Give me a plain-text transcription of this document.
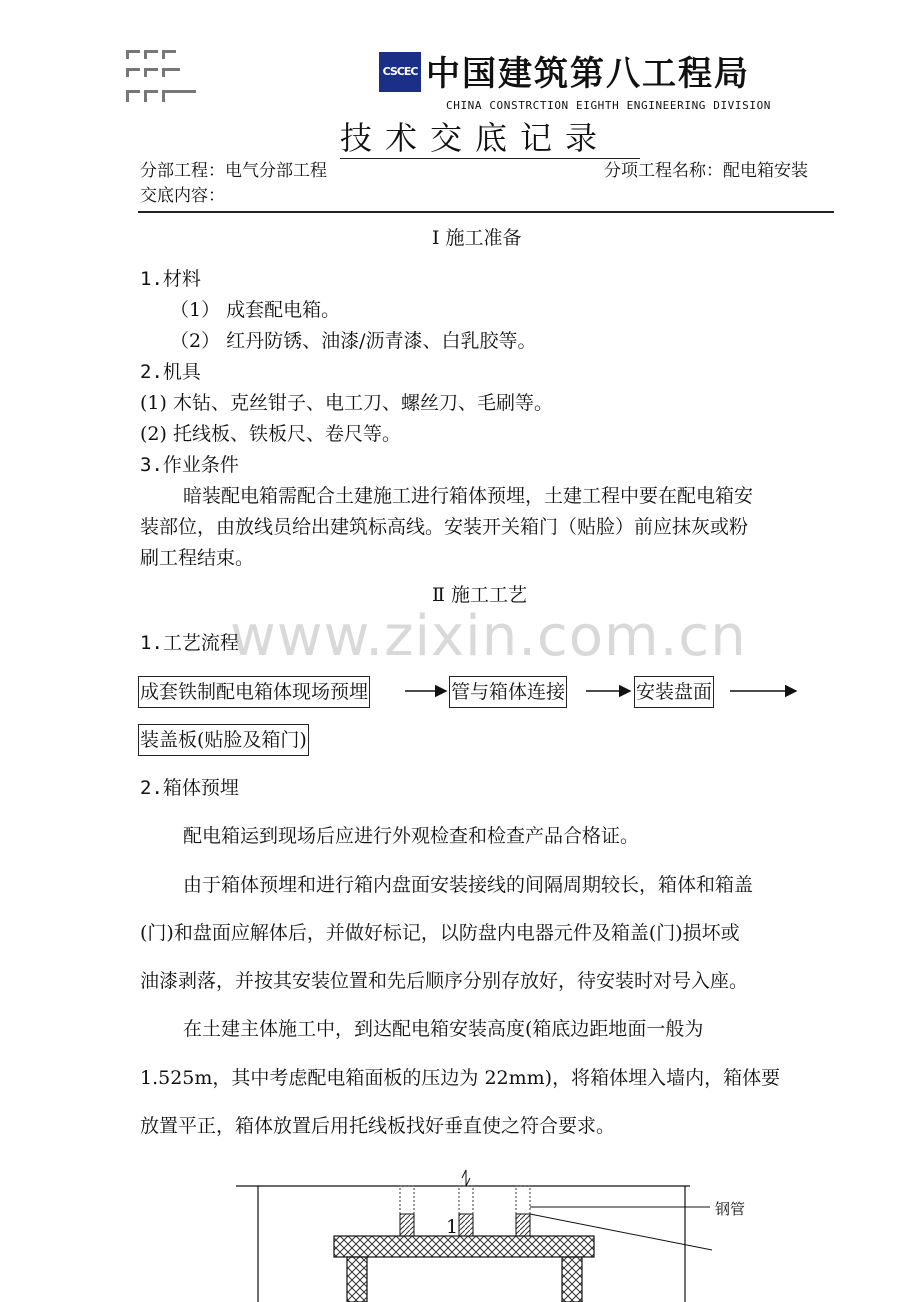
CSCEC 中国建筑第八工程局
CHINA CONSTRCTION EIGHTH ENGINEERING DIVISION
技术交底记录
分部工程：电气分部工程	分项工程名称：配电箱安装
交底内容：
www.zixin.com.cn
Ⅰ 施工准备
1.材料
（1） 成套配电箱。
（2） 红丹防锈、油漆/沥青漆、白乳胶等。
2.机具
(1) 木钻、克丝钳子、电工刀、螺丝刀、毛刷等。
(2) 托线板、铁板尺、卷尺等。
3.作业条件
暗装配电箱需配合土建施工进行箱体预埋，土建工程中要在配电箱安
装部位，由放线员给出建筑标高线。安装开关箱门（贴脸）前应抹灰或粉
刷工程结束。
Ⅱ 施工工艺
1.工艺流程
成套铁制配电箱体现场预埋	管与箱体连接	安装盘面
装盖板(贴脸及箱门)
2.箱体预埋
配电箱运到现场后应进行外观检查和检查产品合格证。
由于箱体预埋和进行箱内盘面安装接线的间隔周期较长，箱体和箱盖
(门)和盘面应解体后，并做好标记，以防盘内电器元件及箱盖(门)损坏或
油漆剥落，并按其安装位置和先后顺序分别存放好，待安装时对号入座。
在土建主体施工中，到达配电箱安装高度(箱底边距地面一般为
1.525m，其中考虑配电箱面板的压边为 22mm)，将箱体埋入墙内，箱体要
放置平正，箱体放置后用托线板找好垂直使之符合要求。
钢管
1
